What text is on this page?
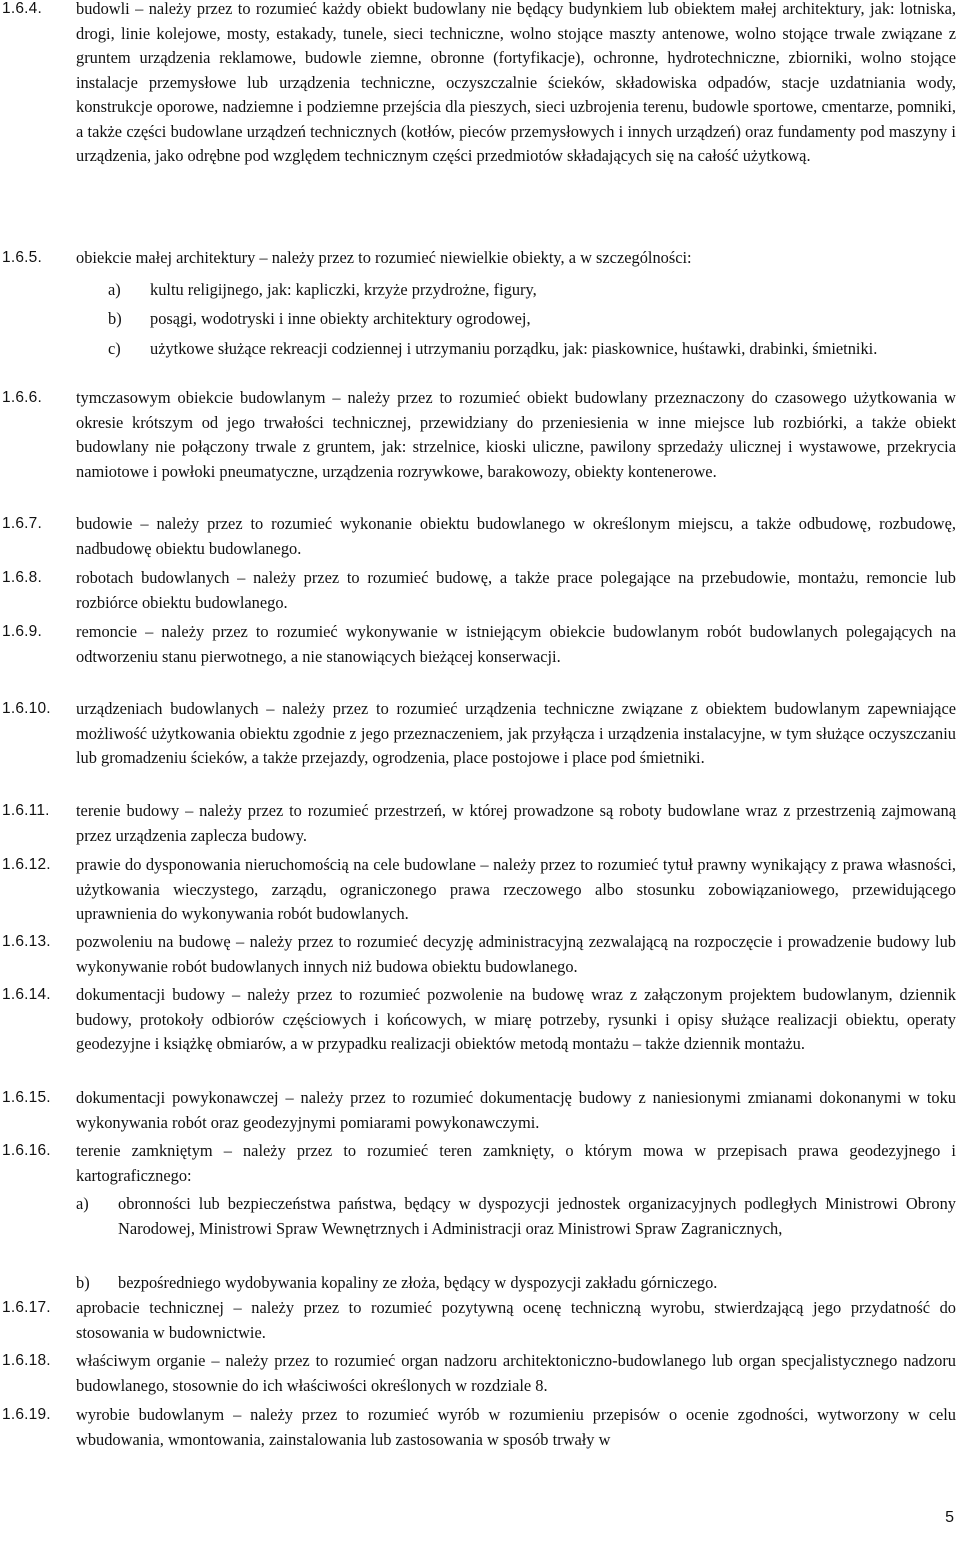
1.6.4.	budowli – należy przez to rozumieć każdy obiekt budowlany nie będący budynkiem lub obiektem małej architektury, jak: lotniska, drogi, linie kolejowe, mosty, estakady, tunele, sieci techniczne, wolno stojące maszty antenowe, wolno stojące trwale związane z gruntem urządzenia reklamowe, budowle ziemne, obronne (fortyfikacje), ochronne, hydrotechniczne, zbiorniki, wolno stojące instalacje przemysłowe lub urządzenia techniczne, oczyszczalnie ścieków, składowiska odpadów, stacje uzdatniania wody, konstrukcje oporowe, nadziemne i podziemne przejścia dla pieszych, sieci uzbrojenia terenu, budowle sportowe, cmentarze, pomniki, a także części budowlane urządzeń technicznych (kotłów, pieców przemysłowych i innych urządzeń) oraz fundamenty pod maszyny i urządzenia, jako odrębne pod względem technicznym części przedmiotów składających się na całość użytkową.
1.6.5.	obiekcie małej architektury – należy przez to rozumieć niewielkie obiekty, a w szczególności:
a) kultu religijnego, jak: kapliczki, krzyże przydrożne, figury,
b) posągi, wodotryski i inne obiekty architektury ogrodowej,
c) użytkowe służące rekreacji codziennej i utrzymaniu porządku, jak: piaskownice, huśtawki, drabinki, śmietniki.
1.6.6.	tymczasowym obiekcie budowlanym – należy przez to rozumieć obiekt budowlany przeznaczony do czasowego użytkowania w okresie krótszym od jego trwałości technicznej, przewidziany do przeniesienia w inne miejsce lub rozbiórki, a także obiekt budowlany nie połączony trwale z gruntem, jak: strzelnice, kioski uliczne, pawilony sprzedaży ulicznej i wystawowe, przekrycia namiotowe i powłoki pneumatyczne, urządzenia rozrywkowe, barakowozy, obiekty kontenerowe.
1.6.7.	budowie – należy przez to rozumieć wykonanie obiektu budowlanego w określonym miejscu, a także odbudowę, rozbudowę, nadbudowę obiektu budowlanego.
1.6.8.	robotach budowlanych – należy przez to rozumieć budowę, a także prace polegające na przebudowie, montażu, remoncie lub rozbiórce obiektu budowlanego.
1.6.9.	remoncie – należy przez to rozumieć wykonywanie w istniejącym obiekcie budowlanym robót budowlanych polegających na odtworzeniu stanu pierwotnego, a nie stanowiących bieżącej konserwacji.
1.6.10.	urządzeniach budowlanych – należy przez to rozumieć urządzenia techniczne związane z obiektem budowlanym zapewniające możliwość użytkowania obiektu zgodnie z jego przeznaczeniem, jak przyłącza i urządzenia instalacyjne, w tym służące oczyszczaniu lub gromadzeniu ścieków, a także przejazdy, ogrodzenia, place postojowe i place pod śmietniki.
1.6.11.	terenie budowy – należy przez to rozumieć przestrzeń, w której prowadzone są roboty budowlane wraz z przestrzenią zajmowaną przez urządzenia zaplecza budowy.
1.6.12.	prawie do dysponowania nieruchomością na cele budowlane – należy przez to rozumieć tytuł prawny wynikający z prawa własności, użytkowania wieczystego, zarządu, ograniczonego prawa rzeczowego albo stosunku zobowiązaniowego, przewidującego uprawnienia do wykonywania robót budowlanych.
1.6.13.	pozwoleniu na budowę – należy przez to rozumieć decyzję administracyjną zezwalającą na rozpoczęcie i prowadzenie budowy lub wykonywanie robót budowlanych innych niż budowa obiektu budowlanego.
1.6.14.	dokumentacji budowy – należy przez to rozumieć pozwolenie na budowę wraz z załączonym projektem budowlanym, dziennik budowy, protokoły odbiorów częściowych i końcowych, w miarę potrzeby, rysunki i opisy służące realizacji obiektu, operaty geodezyjne i książkę obmiarów, a w przypadku realizacji obiektów metodą montażu – także dziennik montażu.
1.6.15.	dokumentacji powykonawczej – należy przez to rozumieć dokumentację budowy z naniesionymi zmianami dokonanymi w toku wykonywania robót oraz geodezyjnymi pomiarami powykonawczymi.
1.6.16.	terenie zamkniętym – należy przez to rozumieć teren zamknięty, o którym mowa w przepisach prawa geodezyjnego i kartograficznego:
a) obronności lub bezpieczeństwa państwa, będący w dyspozycji jednostek organizacyjnych podległych Ministrowi Obrony Narodowej, Ministrowi Spraw Wewnętrznych i Administracji oraz Ministrowi Spraw Zagranicznych,
b) bezpośredniego wydobywania kopaliny ze złoża, będący w dyspozycji zakładu górniczego.
1.6.17.	aprobacie technicznej – należy przez to rozumieć pozytywną ocenę techniczną wyrobu, stwierdzającą jego przydatność do stosowania w budownictwie.
1.6.18.	właściwym organie – należy przez to rozumieć organ nadzoru architektoniczno-budowlanego lub organ specjalistycznego nadzoru budowlanego, stosownie do ich właściwości określonych w rozdziale 8.
1.6.19.	wyrobie budowlanym – należy przez to rozumieć wyrób w rozumieniu przepisów o ocenie zgodności, wytworzony w celu wbudowania, wmontowania, zainstalowania lub zastosowania w sposób trwały w
5
